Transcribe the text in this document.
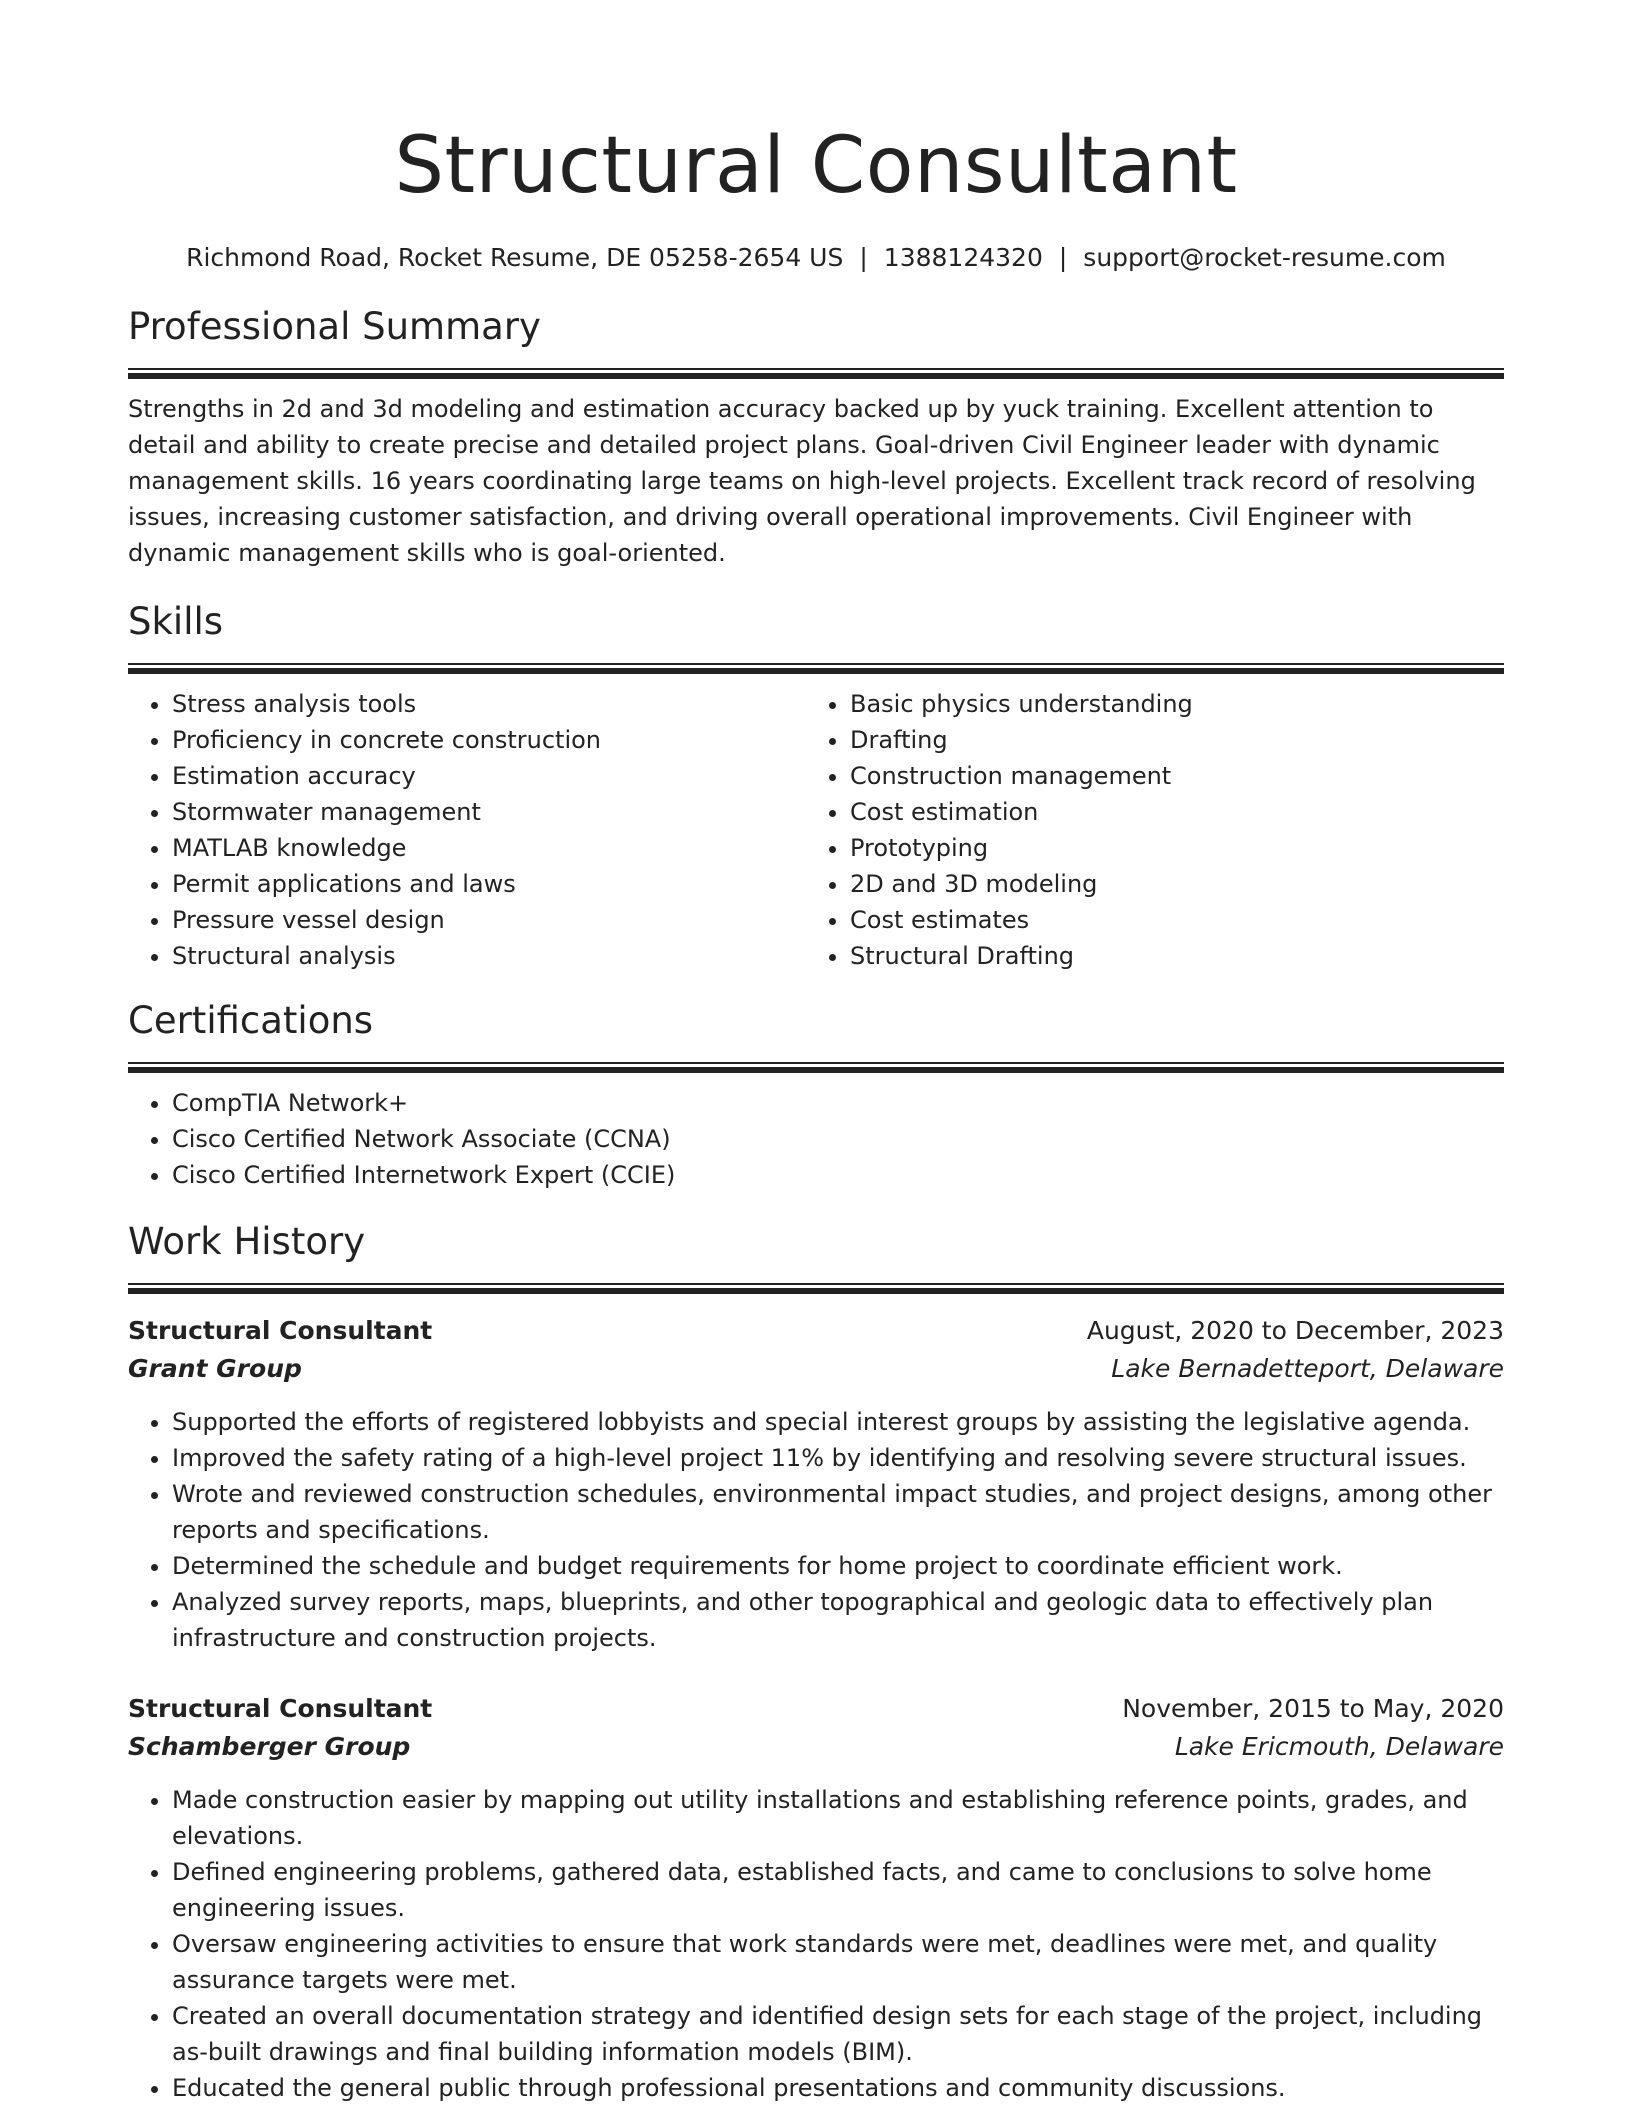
Structural Consultant
Richmond Road, Rocket Resume, DE 05258-2654 US | 1388124320 | support@rocket-resume.com
Professional Summary

Strengths in 2d and 3d modeling and estimation accuracy backed up by yuck training. Excellent attention to detail and ability to create precise and detailed project plans. Goal-driven Civil Engineer leader with dynamic management skills. 16 years coordinating large teams on high-level projects. Excellent track record of resolving issues, increasing customer satisfaction, and driving overall operational improvements. Civil Engineer with dynamic management skills who is goal-oriented.

Skills
• Stress analysis tools
• Proficiency in concrete construction
• Estimation accuracy
• Stormwater management
• MATLAB knowledge
• Permit applications and laws
• Pressure vessel design
• Structural analysis
• Basic physics understanding
• Drafting
• Construction management
• Cost estimation
• Prototyping
• 2D and 3D modeling
• Cost estimates
• Structural Drafting
Certifications
• CompTIA Network+
• Cisco Certified Network Associate (CCNA)
• Cisco Certified Internetwork Expert (CCIE)
Work History
Structural Consultant	August, 2020 to December, 2023
Grant Group	Lake Bernadetteport, Delaware
• Supported the efforts of registered lobbyists and special interest groups by assisting the legislative agenda.
• Improved the safety rating of a high-level project 11% by identifying and resolving severe structural issues.
• Wrote and reviewed construction schedules, environmental impact studies, and project designs, among other reports and specifications.
• Determined the schedule and budget requirements for home project to coordinate efficient work.
• Analyzed survey reports, maps, blueprints, and other topographical and geologic data to effectively plan infrastructure and construction projects.
Structural Consultant	November, 2015 to May, 2020
Schamberger Group	Lake Ericmouth, Delaware
• Made construction easier by mapping out utility installations and establishing reference points, grades, and elevations.
• Defined engineering problems, gathered data, established facts, and came to conclusions to solve home engineering issues.
• Oversaw engineering activities to ensure that work standards were met, deadlines were met, and quality assurance targets were met.
• Created an overall documentation strategy and identified design sets for each stage of the project, including as-built drawings and final building information models (BIM).
• Educated the general public through professional presentations and community discussions.
